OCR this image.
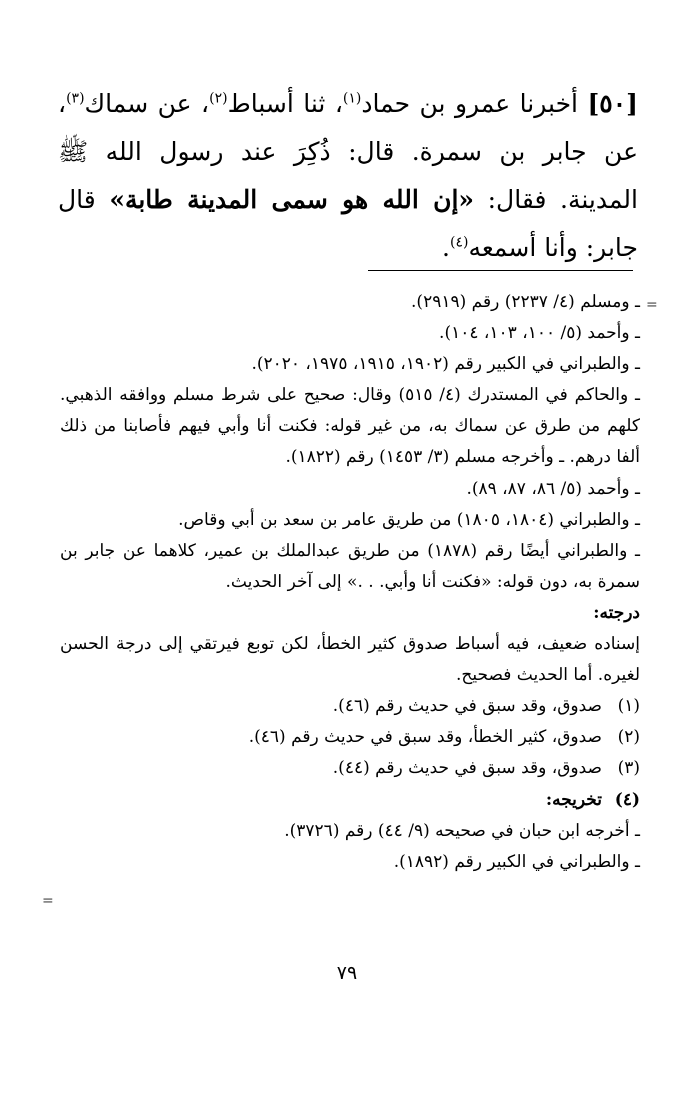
[٥٠] أخبرنا عمرو بن حماد$^{(١)}$، ثنا أسباط$^{(٢)}$، عن سماك$^{(٣)}$، عن جابر بن سمرة. قال: ذُكِرَ عند رسول الله ﷺ المدينة. فقال: «إن الله هو سمى المدينة طابة» قال جابر: وأنا أسمعه$^{(٤)}$.
=
=

ـ ومسلم (٤/ ٢٢٣٧) رقم (٢٩١٩).

ـ وأحمد (٥/ ١٠٠، ١٠٣، ١٠٤).

ـ والطبراني في الكبير رقم (١٩٠٢، ١٩١٥، ١٩٧٥، ٢٠٢٠).

ـ والحاكم في المستدرك (٤/ ٥١٥) وقال: صحيح على شرط مسلم ووافقه الذهبي. كلهم من طرق عن سماك به، من غير قوله: فكنت أنا وأبي فيهم فأصابنا من ذلك ألفا درهم. ـ وأخرجه مسلم (٣/ ١٤٥٣) رقم (١٨٢٢).

ـ وأحمد (٥/ ٨٦، ٨٧، ٨٩).

ـ والطبراني (١٨٠٤، ١٨٠٥) من طريق عامر بن سعد بن أبي وقاص.

ـ والطبراني أيضًا رقم (١٨٧٨) من طريق عبدالملك بن عمير، كلاهما عن جابر بن سمرة به، دون قوله: «فكنت أنا وأبي. . .» إلى آخر الحديث.

درجته:

إسناده ضعيف، فيه أسباط صدوق كثير الخطأ، لكن توبع فيرتقي إلى درجة الحسن لغيره. أما الحديث فصحيح.

(١)
صدوق، وقد سبق في حديث رقم (٤٦).
(٢)
صدوق، كثير الخطأ، وقد سبق في حديث رقم (٤٦).
(٣)
صدوق، وقد سبق في حديث رقم (٤٤).
(٤)
تخريجه:

ـ أخرجه ابن حبان في صحيحه (٩/ ٤٤) رقم (٣٧٢٦).

ـ والطبراني في الكبير رقم (١٨٩٢).

٧٩
